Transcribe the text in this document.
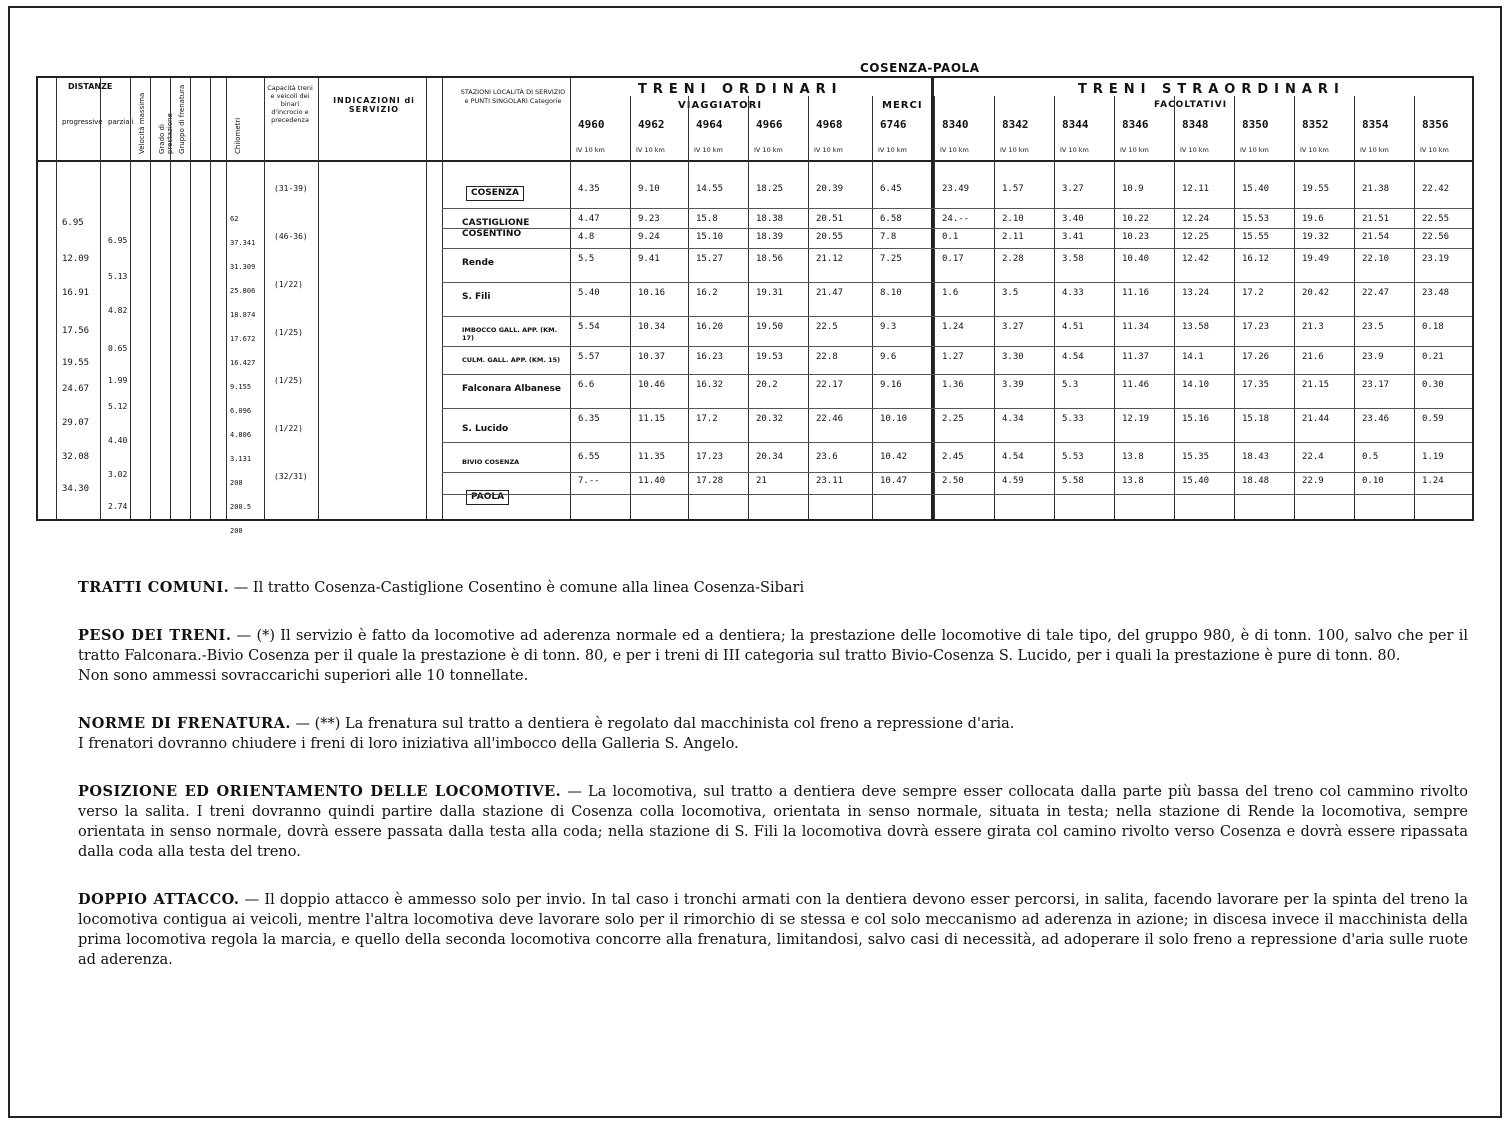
COSENZA-PAOLA
DISTANZE
progressive parziali Velocità massima Grado di prestazione Gruppo di frenatura	Chilometri
Capacità treni e veicoli dei binari d'incrocio e precedenza
INDICAZIONI di SERVIZIO
STAZIONI LOCALITÀ DI SERVIZIO e PUNTI SINGOLARI Categorie
TRENI ORDINARI
VIAGGIATORI	MERCI
TRENI STRAORDINARI
FACOLTATIVI
6.95
12.09
16.91
17.56
19.55
24.67
29.07
32.08
34.30
6.95
5.13
4.82
0.65
1.99
5.12
4.40
3.02
2.74
62
37.341
31.309
25.806
18.874
17.672
16.427
9.155
6.096
4.806
3.131
208
200.5
200
(31-39)
(46-36)
(1/22)
(1/25)
(1/25)
(1/22)
(32/31)
COSENZA
CASTIGLIONE COSENTINO
Rende
S. Fili
IMBOCCO GALL. APP. (KM. 17)
CULM. GALL. APP. (KM. 15)
Falconara Albanese
S. Lucido
BIVIO COSENZA
PAOLA
4960
IV 10 km
4.35
4.47
4.8
5.5
5.40
5.54
5.57
6.6
6.35
6.55
7.--
4962
IV 10 km
9.10
9.23
9.24
9.41
10.16
10.34
10.37
10.46
11.15
11.35
11.40
4964
IV 10 km
14.55
15.8
15.10
15.27
16.2
16.20
16.23
16.32
17.2
17.23
17.28
4966
IV 10 km
18.25
18.38
18.39
18.56
19.31
19.50
19.53
20.2
20.32
20.34
21
4968
IV 10 km
20.39
20.51
20.55
21.12
21.47
22.5
22.8
22.17
22.46
23.6
23.11
6746
IV 10 km
6.45
6.58
7.8
7.25
8.10
9.3
9.6
9.16
10.10
10.42
10.47
8340
IV 10 km
23.49
24.--
0.1
0.17
1.6
1.24
1.27
1.36
2.25
2.45
2.50
8342
IV 10 km
1.57
2.10
2.11
2.28
3.5
3.27
3.30
3.39
4.34
4.54
4.59
8344
IV 10 km
3.27
3.40
3.41
3.58
4.33
4.51
4.54
5.3
5.33
5.53
5.58
8346
IV 10 km
10.9
10.22
10.23
10.40
11.16
11.34
11.37
11.46
12.19
13.8
13.8
8348
IV 10 km
12.11
12.24
12.25
12.42
13.24
13.58
14.1
14.10
15.16
15.35
15.40
8350
IV 10 km
15.40
15.53
15.55
16.12
17.2
17.23
17.26
17.35
15.18
18.43
18.48
8352
IV 10 km
19.55
19.6
19.32
19.49
20.42
21.3
21.6
21.15
21.44
22.4
22.9
8354
IV 10 km
21.38
21.51
21.54
22.10
22.47
23.5
23.9
23.17
23.46
0.5
0.10
8356
IV 10 km
22.42
22.55
22.56
23.19
23.48
0.18
0.21
0.30
0.59
1.19
1.24

TRATTI COMUNI. — Il tratto Cosenza-Castiglione Cosentino è comune alla linea Cosenza-Sibari

PESO DEI TRENI. — (*) Il servizio è fatto da locomotive ad aderenza normale ed a dentiera; la prestazione delle locomotive di tale tipo, del gruppo 980, è di tonn. 100, salvo che per il tratto Falconara.-Bivio Cosenza per il quale la prestazione è di tonn. 80, e per i treni di III categoria sul tratto Bivio-Cosenza S. Lucido, per i quali la prestazione è pure di tonn. 80.
Non sono ammessi sovraccarichi superiori alle 10 tonnellate.

NORME DI FRENATURA. — (**) La frenatura sul tratto a dentiera è regolato dal macchinista col freno a repressione d'aria.
I frenatori dovranno chiudere i freni di loro iniziativa all'imbocco della Galleria S. Angelo.

POSIZIONE ED ORIENTAMENTO DELLE LOCOMOTIVE. — La locomotiva, sul tratto a dentiera deve sempre esser collocata dalla parte più bassa del treno col cammino rivolto verso la salita. I treni dovranno quindi partire dalla stazione di Cosenza colla locomotiva, orientata in senso normale, situata in testa; nella stazione di Rende la locomotiva, sempre orientata in senso normale, dovrà essere passata dalla testa alla coda; nella stazione di S. Fili la locomotiva dovrà essere girata col camino rivolto verso Cosenza e dovrà essere ripassata dalla coda alla testa del treno.

DOPPIO ATTACCO. — Il doppio attacco è ammesso solo per invio. In tal caso i tronchi armati con la dentiera devono esser percorsi, in salita, facendo lavorare per la spinta del treno la locomotiva contigua ai veicoli, mentre l'altra locomotiva deve lavorare solo per il rimorchio di se stessa e col solo meccanismo ad aderenza in azione; in discesa invece il macchinista della prima locomotiva regola la marcia, e quello della seconda locomotiva concorre alla frenatura, limitandosi, salvo casi di necessità, ad adoperare il solo freno a repressione d'aria sulle ruote ad aderenza.
